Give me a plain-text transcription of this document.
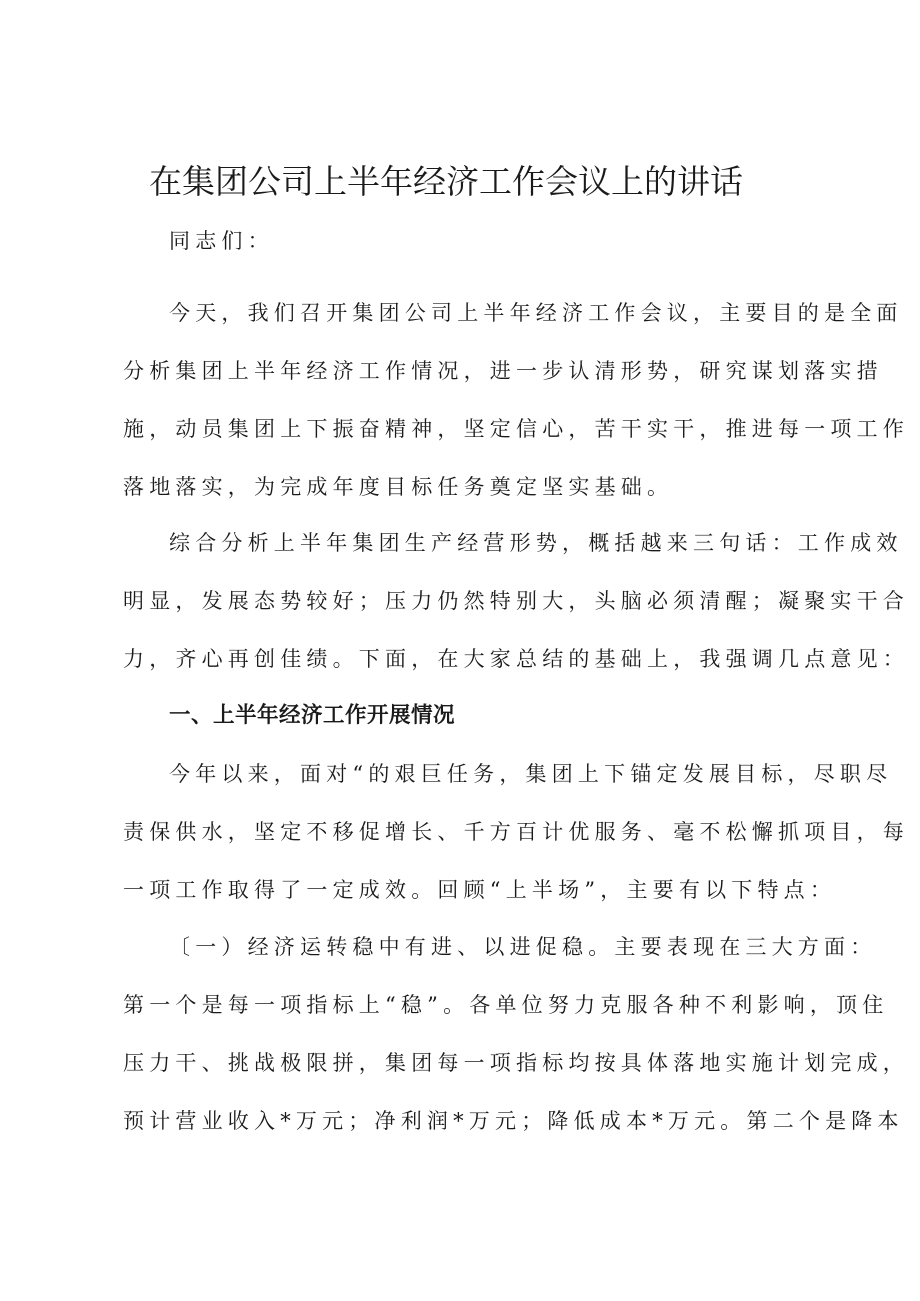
在集团公司上半年经济工作会议上的讲话

同志们：

今天，我们召开集团公司上半年经济工作会议，主要目的是全面
分析集团上半年经济工作情况，进一步认清形势，研究谋划落实措
施，动员集团上下振奋精神，坚定信心，苦干实干，推进每一项工作
落地落实，为完成年度目标任务奠定坚实基础。

综合分析上半年集团生产经营形势，概括越来三句话：工作成效
明显，发展态势较好；压力仍然特别大，头脑必须清醒；凝聚实干合
力，齐心再创佳绩。下面，在大家总结的基础上，我强调几点意见：

一、上半年经济工作开展情况

今年以来，面对“的艰巨任务，集团上下锚定发展目标，尽职尽
责保供水，坚定不移促增长、千方百计优服务、毫不松懈抓项目，每
一项工作取得了一定成效。回顾“上半场”，主要有以下特点：

〔一）经济运转稳中有进、以进促稳。主要表现在三大方面：
第一个是每一项指标上“稳”。各单位努力克服各种不利影响，顶住
压力干、挑战极限拼，集团每一项指标均按具体落地实施计划完成，
预计营业收入*万元；净利润*万元；降低成本*万元。第二个是降本
